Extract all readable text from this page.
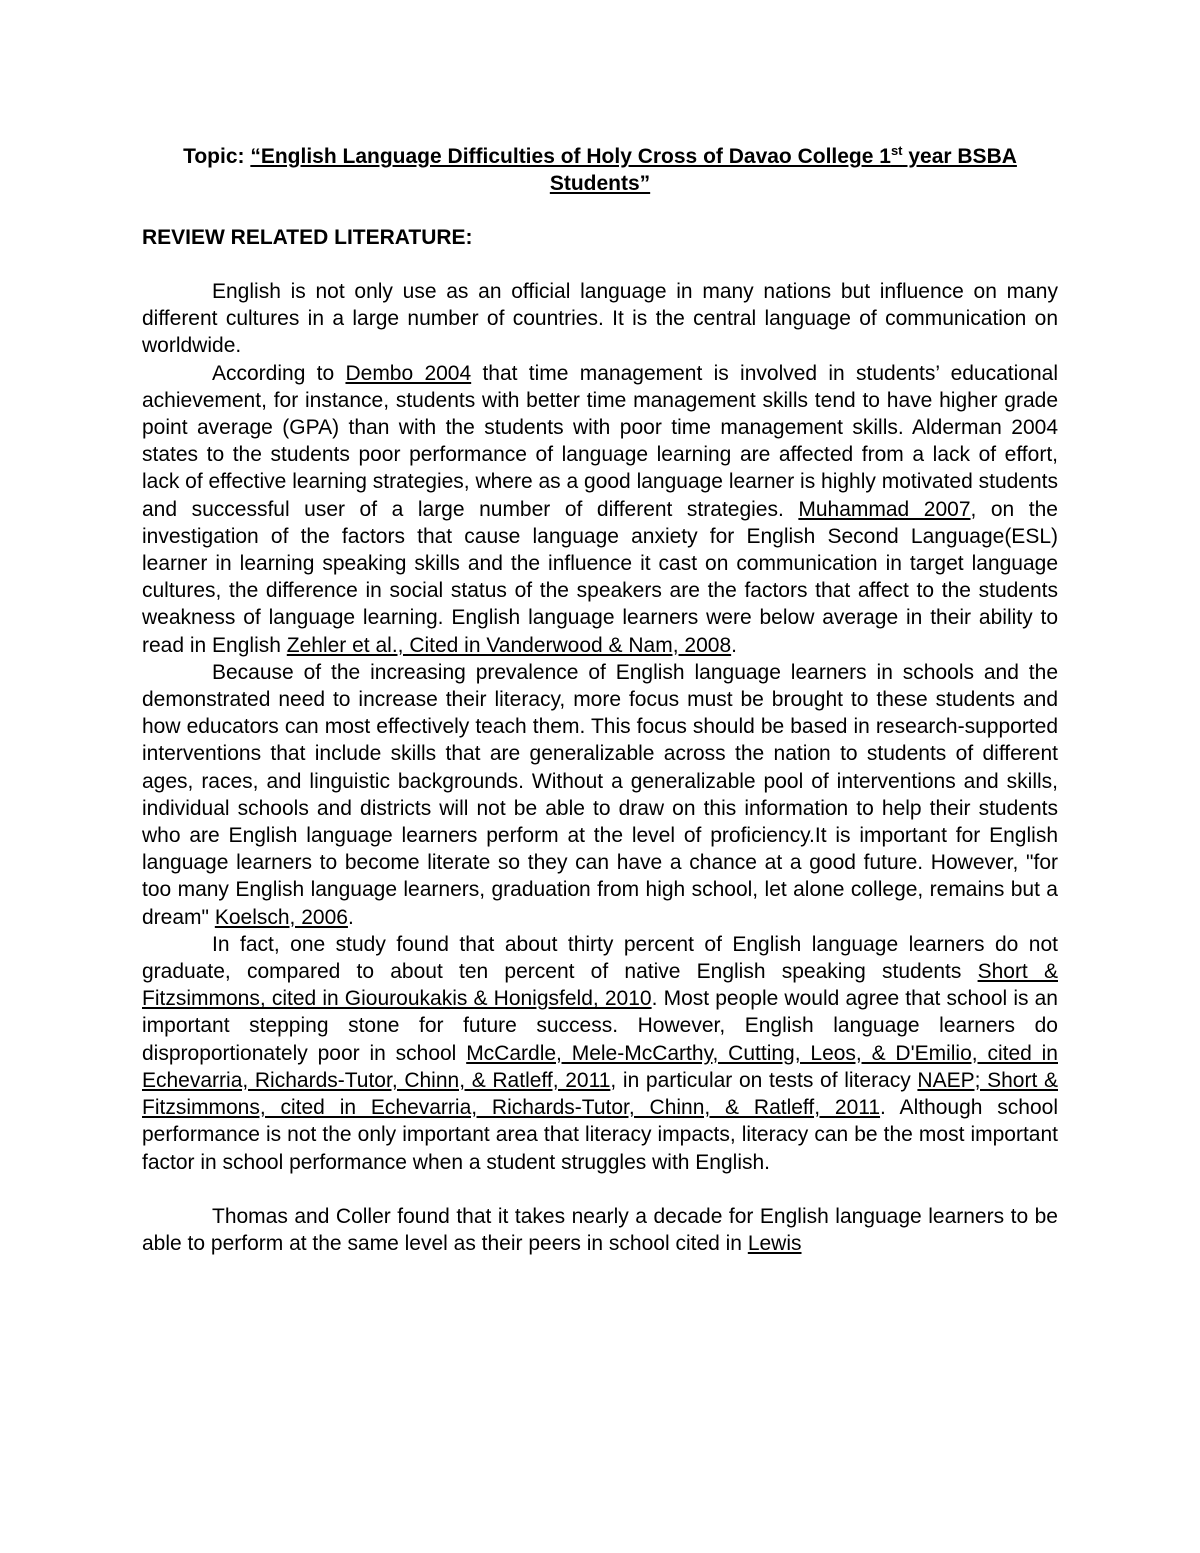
Topic: “English Language Difficulties of Holy Cross of Davao College 1st year BSBA Students”
REVIEW RELATED LITERATURE:

English is not only use as an official language in many nations but influence on many different cultures in a large number of countries. It is the central language of communication on worldwide.

According to Dembo 2004 that time management is involved in students’ educational achievement, for instance, students with better time management skills tend to have higher grade point average (GPA) than with the students with poor time management skills. Alderman 2004 states to the students poor performance of language learning are affected from a lack of effort, lack of effective learning strategies, where as a good language learner is highly motivated students and successful user of a large number of different strategies. Muhammad 2007, on the investigation of the factors that cause language anxiety for English Second Language(ESL) learner in learning speaking skills and the influence it cast on communication in target language cultures, the difference in social status of the speakers are the factors that affect to the students weakness of language learning. English language learners were below average in their ability to read in English Zehler et al., Cited in Vanderwood & Nam, 2008.

Because of the increasing prevalence of English language learners in schools and the demonstrated need to increase their literacy, more focus must be brought to these students and how educators can most effectively teach them. This focus should be based in research-supported interventions that include skills that are generalizable across the nation to students of different ages, races, and linguistic backgrounds. Without a generalizable pool of interventions and skills, individual schools and districts will not be able to draw on this information to help their students who are English language learners perform at the level of proficiency.It is important for English language learners to become literate so they can have a chance at a good future. However, "for too many English language learners, graduation from high school, let alone college, remains but a dream" Koelsch, 2006.

In fact, one study found that about thirty percent of English language learners do not graduate, compared to about ten percent of native English speaking students Short & Fitzsimmons, cited in Giouroukakis & Honigsfeld, 2010. Most people would agree that school is an important stepping stone for future success. However, English language learners do disproportionately poor in school McCardle, Mele-McCarthy, Cutting, Leos, & D'Emilio, cited in Echevarria, Richards-Tutor, Chinn, & Ratleff, 2011, in particular on tests of literacy NAEP; Short & Fitzsimmons, cited in Echevarria, Richards-Tutor, Chinn, & Ratleff, 2011. Although school performance is not the only important area that literacy impacts, literacy can be the most important factor in school performance when a student struggles with English.

Thomas and Coller found that it takes nearly a decade for English language learners to be able to perform at the same level as their peers in school cited in Lewis
